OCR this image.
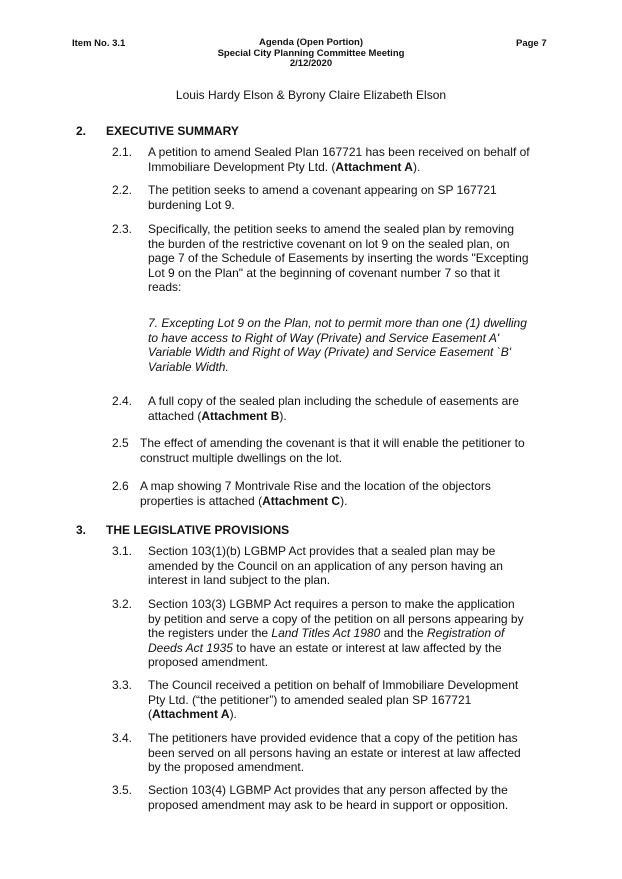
Item No. 3.1	Agenda (Open Portion)
Special City Planning Committee Meeting
2/12/2020
Page 7
Louis Hardy Elson & Byrony Claire Elizabeth Elson
2. EXECUTIVE SUMMARY
2.1. A petition to amend Sealed Plan 167721 has been received on behalf of
Immobiliare Development Pty Ltd. (Attachment A).
2.2. The petition seeks to amend a covenant appearing on SP 167721
burdening Lot 9.
2.3. Specifically, the petition seeks to amend the sealed plan by removing
the burden of the restrictive covenant on lot 9 on the sealed plan, on
page 7 of the Schedule of Easements by inserting the words "Excepting
Lot 9 on the Plan" at the beginning of covenant number 7 so that it
reads:
7. Excepting Lot 9 on the Plan, not to permit more than one (1) dwelling
to have access to Right of Way (Private) and Service Easement A'
Variable Width and Right of Way (Private) and Service Easement `B'
Variable Width.
2.4. A full copy of the sealed plan including the schedule of easements are
attached (Attachment B).
2.5 The effect of amending the covenant is that it will enable the petitioner to
construct multiple dwellings on the lot.
2.6 A map showing 7 Montrivale Rise and the location of the objectors
properties is attached (Attachment C).
3. THE LEGISLATIVE PROVISIONS
3.1. Section 103(1)(b) LGBMP Act provides that a sealed plan may be
amended by the Council on an application of any person having an
interest in land subject to the plan.
3.2. Section 103(3) LGBMP Act requires a person to make the application
by petition and serve a copy of the petition on all persons appearing by
the registers under the Land Titles Act 1980 and the Registration of
Deeds Act 1935 to have an estate or interest at law affected by the
proposed amendment.
3.3. The Council received a petition on behalf of Immobiliare Development
Pty Ltd. (“the petitioner”) to amended sealed plan SP 167721
(Attachment A).
3.4. The petitioners have provided evidence that a copy of the petition has
been served on all persons having an estate or interest at law affected
by the proposed amendment.
3.5. Section 103(4) LGBMP Act provides that any person affected by the
proposed amendment may ask to be heard in support or opposition.
